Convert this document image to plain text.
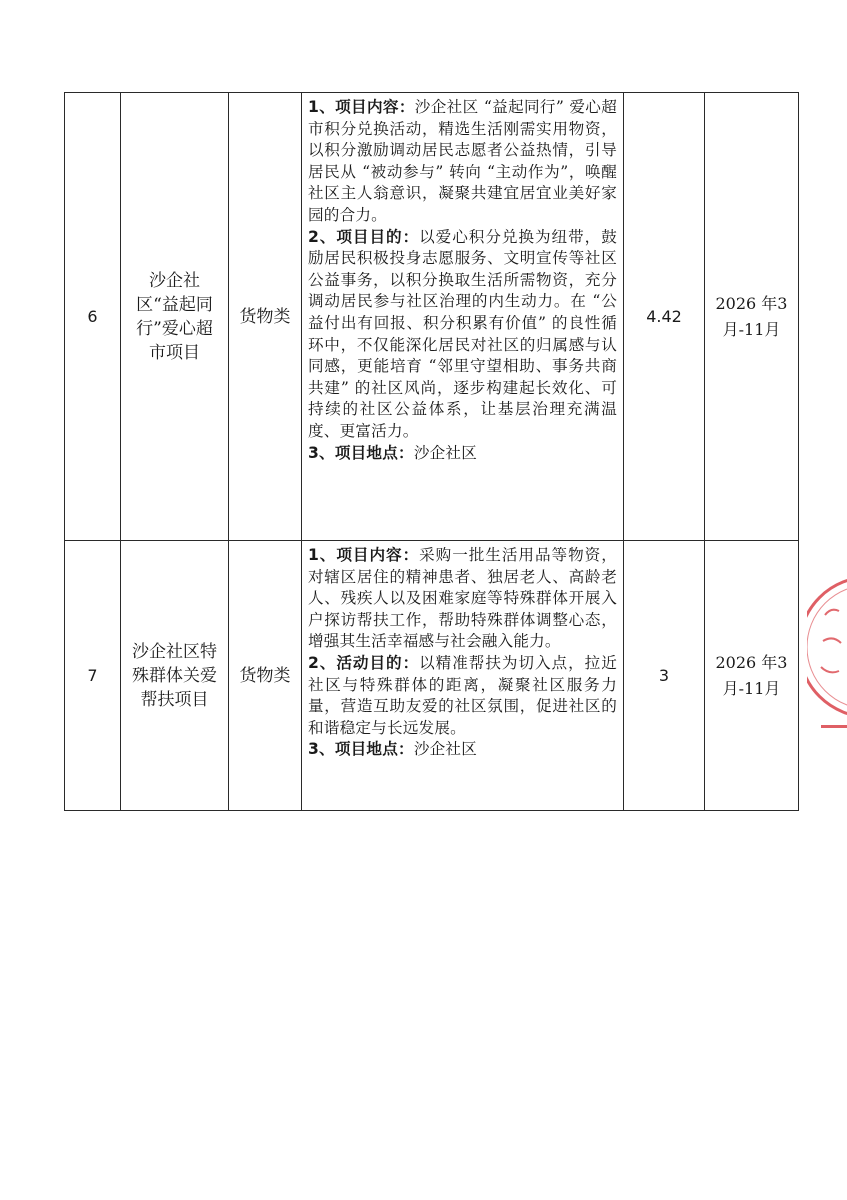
6	沙企社区“益起同行”爱心超市项目	货物类	1、项目内容：沙企社区 “益起同行” 爱心超市积分兑换活动，精选生活刚需实用物资，以积分激励调动居民志愿者公益热情，引导居民从 “被动参与” 转向 “主动作为”，唤醒社区主人翁意识，凝聚共建宜居宜业美好家园的合力。

2、项目目的：以爱心积分兑换为纽带，鼓励居民积极投身志愿服务、文明宣传等社区公益事务，以积分换取生活所需物资，充分调动居民参与社区治理的内生动力。在 “公益付出有回报、积分积累有价值” 的良性循环中，不仅能深化居民对社区的归属感与认同感，更能培育 “邻里守望相助、事务共商共建” 的社区风尚，逐步构建起长效化、可持续的社区公益体系，让基层治理充满温度、更富活力。

3、项目地点：沙企社区	4.42	2026 年3月-11月
7	沙企社区特殊群体关爱帮扶项目	货物类	1、项目内容：采购一批生活用品等物资，对辖区居住的精神患者、独居老人、高龄老人、残疾人以及困难家庭等特殊群体开展入户探访帮扶工作，帮助特殊群体调整心态，增强其生活幸福感与社会融入能力。

2、活动目的：以精准帮扶为切入点，拉近社区与特殊群体的距离，凝聚社区服务力量，营造互助友爱的社区氛围，促进社区的和谐稳定与长远发展。

3、项目地点：沙企社区	3	2026 年3月-11月
